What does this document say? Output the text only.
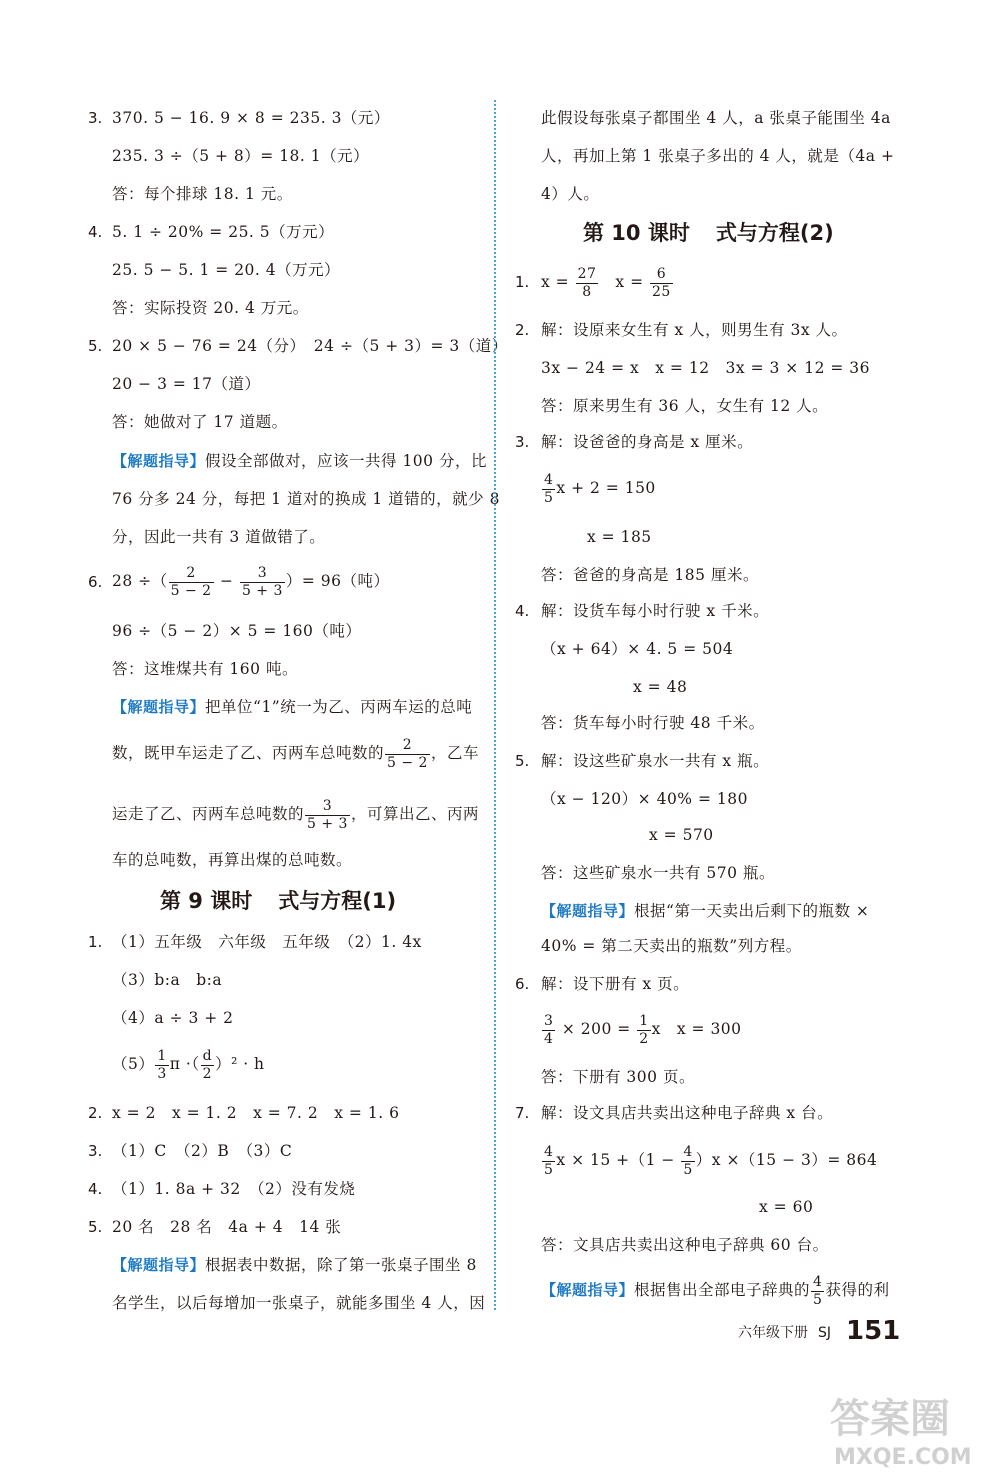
3. 370. 5 − 16. 9 × 8 = 235. 3（元）
235. 3 ÷（5 + 8）= 18. 1（元）
答：每个排球 18. 1 元。
4. 5. 1 ÷ 20% = 25. 5（万元）
25. 5 − 5. 1 = 20. 4（万元）
答：实际投资 20. 4 万元。
5. 20 × 5 − 76 = 24（分）　24 ÷（5 + 3）= 3（道）
20 − 3 = 17（道）
答：她做对了 17 道题。
【解题指导】假设全部做对，应该一共得 100 分，比
76 分多 24 分，每把 1 道对的换成 1 道错的，就少 8
分，因此一共有 3 道做错了。
6. 28 ÷（ $\frac{2}{5 - 2} - \frac{3}{5 + 3}$ ）= 96（吨）
96 ÷（5 − 2）× 5 = 160（吨）
答：这堆煤共有 160 吨。
【解题指导】把单位“1”统一为乙、丙两车运的总吨
数，既甲车运走了乙、丙两车总吨数的 $\frac{2}{5 - 2}$ ，乙车
运走了乙、丙两车总吨数的 $\frac{3}{5 + 3}$ ，可算出乙、丙两
车的总吨数，再算出煤的总吨数。
第 9 课时 式与方程(1)
1. （1）五年级　六年级　五年级　（2）1. 4x
（3）b:a　b:a
（4）a ÷ 3 + 2
$(5) \frac{1}{3}$ π ·（ $\frac{d}{2} )^2 \cdot h$
2. x = 2　x = 1. 2　x = 7. 2　x = 1. 6
3. （1）C　（2）B　（3）C
4. （1）1. 8a + 32　（2）没有发烧
5. 20 名　28 名　4a + 4　14 张
【解题指导】根据表中数据，除了第一张桌子围坐 8
名学生，以后每增加一张桌子，就能多围坐 4 人，因
此假设每张桌子都围坐 4 人，a 张桌子能围坐 4a
人，再加上第 1 张桌子多出的 4 人，就是（4a +
4）人。
第 10 课时 式与方程(2)
1. $x = \frac{27}{8}$ 　$x = \frac{6}{25}$
2. 解：设原来女生有 x 人，则男生有 3x 人。
3x − 24 = x　x = 12　3x = 3 × 12 = 36
答：原来男生有 36 人，女生有 12 人。
3. 解：设爸爸的身高是 x 厘米。
$\frac{4}{5}$ x + 2 = 150
x = 185
答：爸爸的身高是 185 厘米。
4. 解：设货车每小时行驶 x 千米。
（x + 64）× 4. 5 = 504
x = 48
答：货车每小时行驶 48 千米。
5. 解：设这些矿泉水一共有 x 瓶。
（x − 120）× 40% = 180
x = 570
答：这些矿泉水一共有 570 瓶。
【解题指导】根据“第一天卖出后剩下的瓶数 ×
40% = 第二天卖出的瓶数”列方程。
6. 解：设下册有 x 页。
$\frac{3}{4} \times 200 = \frac{1}{2}$ x　x = 300
答：下册有 300 页。
7. 解：设文具店共卖出这种电子辞典 x 台。
$\frac{4}{5}$ $x \times 15 +(1 - \frac{4}{5} )x \times(15 - 3)= 864$
x = 60
答：文具店共卖出这种电子辞典 60 台。
【解题指导】根据售出全部电子辞典的 $\frac{4}{5}$ 获得的利
六年级下册 SJ 151
答案圈
MXQE.COM
